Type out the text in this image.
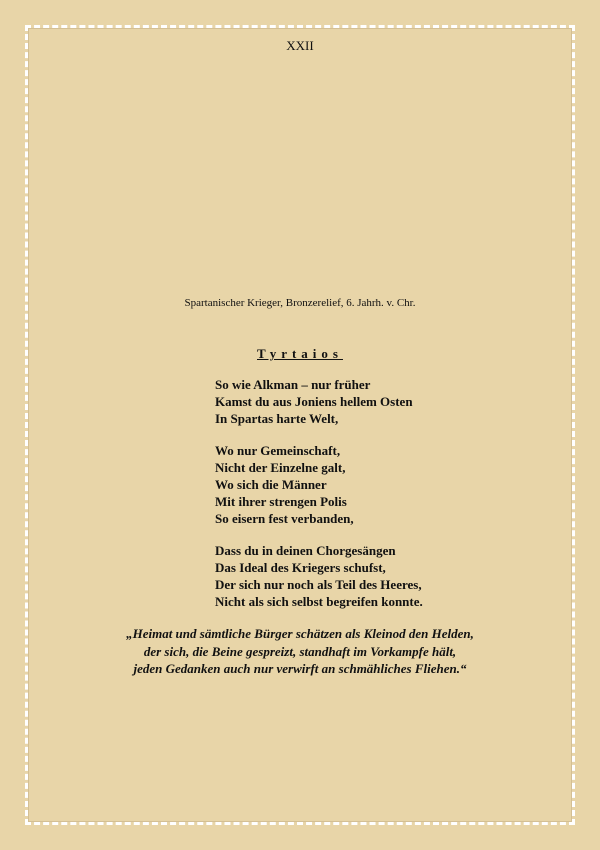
XXII
Spartanischer Krieger, Bronzerelief, 6. Jahrh. v. Chr.
Tyrtaios
So wie Alkman – nur früher
Kamst du aus Joniens hellem Osten
In Spartas harte Welt,
Wo nur Gemeinschaft,
Nicht der Einzelne galt,
Wo sich die Männer
Mit ihrer strengen Polis
So eisern fest verbanden,
Dass du in deinen Chorgesängen
Das Ideal des Kriegers schufst,
Der sich nur noch als Teil des Heeres,
Nicht als sich selbst begreifen konnte.
„Heimat und sämtliche Bürger schätzen als Kleinod den Helden,
der sich, die Beine gespreizt, standhaft im Vorkampfe hält,
jeden Gedanken auch nur verwirft an schmähliches Fliehen.“
